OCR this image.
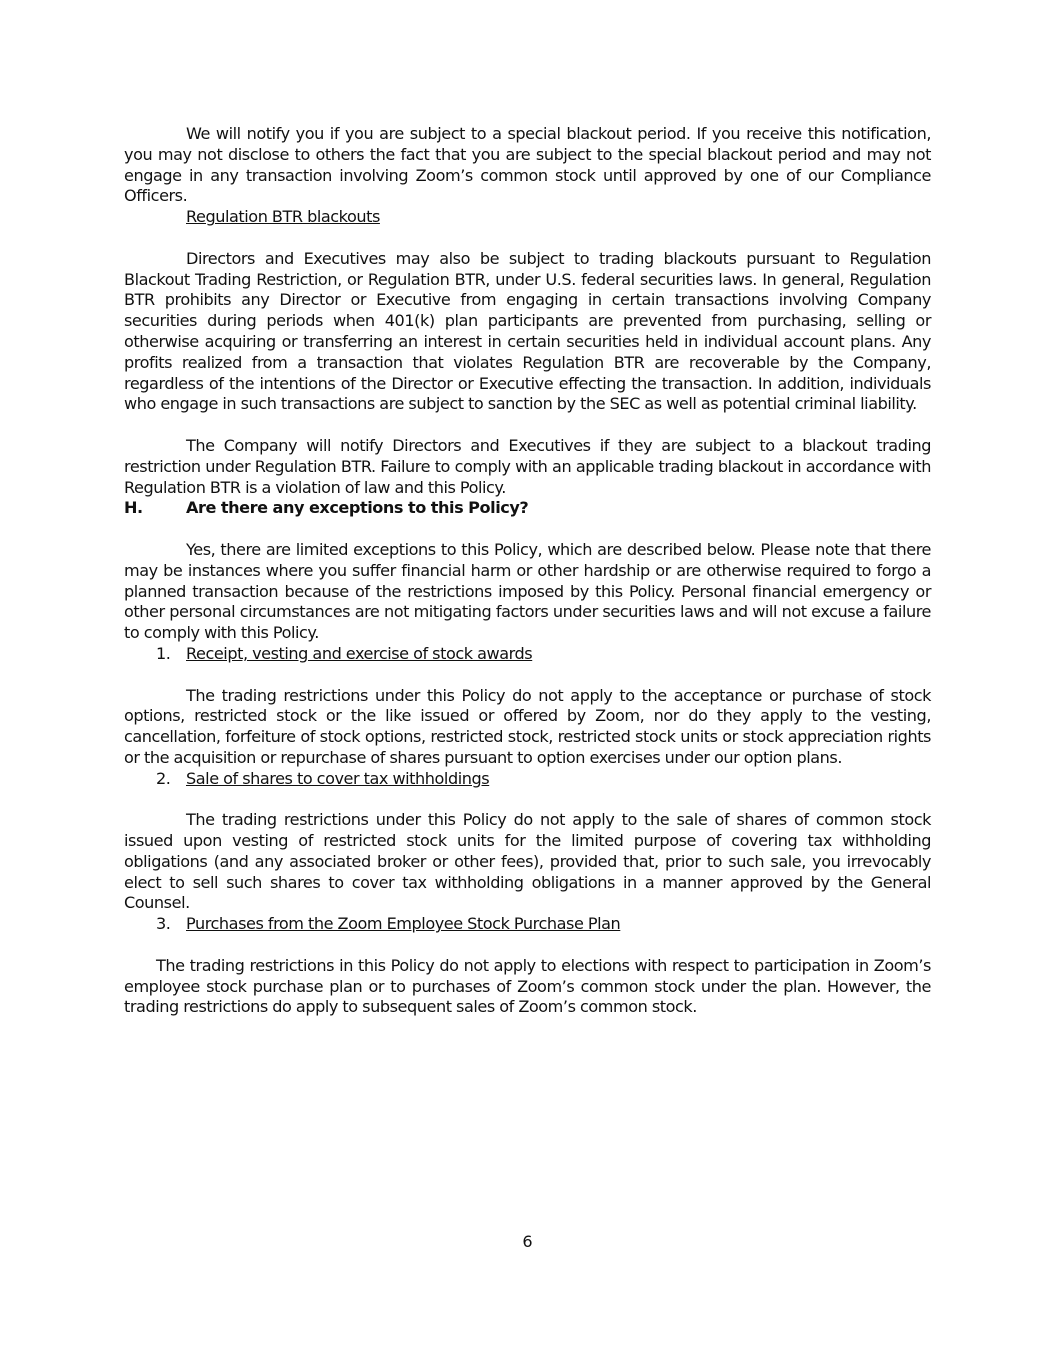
We will notify you if you are subject to a special blackout period. If you receive this notification, you may not disclose to others the fact that you are subject to the special blackout period and may not engage in any transaction involving Zoom’s common stock until approved by one of our Compliance Officers.

Regulation BTR blackouts

Directors and Executives may also be subject to trading blackouts pursuant to Regulation Blackout Trading Restriction, or Regulation BTR, under U.S. federal securities laws. In general, Regulation BTR prohibits any Director or Executive from engaging in certain transactions involving Company securities during periods when 401(k) plan participants are prevented from purchasing, selling or otherwise acquiring or transferring an interest in certain securities held in individual account plans. Any profits realized from a transaction that violates Regulation BTR are recoverable by the Company, regardless of the intentions of the Director or Executive effecting the transaction. In addition, individuals who engage in such transactions are subject to sanction by the SEC as well as potential criminal liability.

The Company will notify Directors and Executives if they are subject to a blackout trading restriction under Regulation BTR. Failure to comply with an applicable trading blackout in accordance with Regulation BTR is a violation of law and this Policy.

H.	Are there any exceptions to this Policy?

Yes, there are limited exceptions to this Policy, which are described below. Please note that there may be instances where you suffer financial harm or other hardship or are otherwise required to forgo a planned transaction because of the restrictions imposed by this Policy. Personal financial emergency or other personal circumstances are not mitigating factors under securities laws and will not excuse a failure to comply with this Policy.

1. Receipt, vesting and exercise of stock awards

The trading restrictions under this Policy do not apply to the acceptance or purchase of stock options, restricted stock or the like issued or offered by Zoom, nor do they apply to the vesting, cancellation, forfeiture of stock options, restricted stock, restricted stock units or stock appreciation rights or the acquisition or repurchase of shares pursuant to option exercises under our option plans.

2. Sale of shares to cover tax withholdings

The trading restrictions under this Policy do not apply to the sale of shares of common stock issued upon vesting of restricted stock units for the limited purpose of covering tax withholding obligations (and any associated broker or other fees), provided that, prior to such sale, you irrevocably elect to sell such shares to cover tax withholding obligations in a manner approved by the General Counsel.

3. Purchases from the Zoom Employee Stock Purchase Plan

The trading restrictions in this Policy do not apply to elections with respect to participation in Zoom’s employee stock purchase plan or to purchases of Zoom’s common stock under the plan. However, the trading restrictions do apply to subsequent sales of Zoom’s common stock.

6
